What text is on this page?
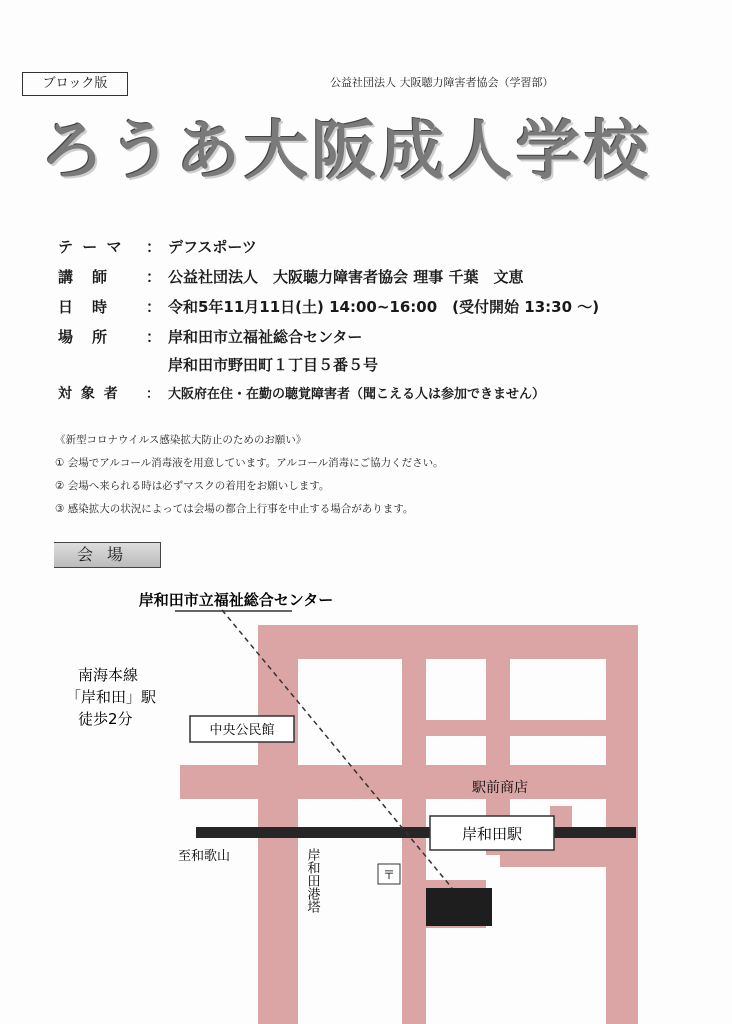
ブロック版	公益社団法人 大阪聴力障害者協会（学習部）
ろうあ大阪成人学校
テ ー マ ： デフスポーツ
講　師 ： 公益社団法人　大阪聴力障害者協会 理事 千葉　文恵
日　時 ： 令和5年11月11日(土) 14:00~16:00　(受付開始 13:30 ～)
場　所 ： 岸和田市立福祉総合センター
岸和田市野田町１丁目５番５号
対 象 者 ： 大阪府在住・在勤の聴覚障害者（聞こえる人は参加できません）
《新型コロナウイルス感染拡大防止のためのお願い》
① 会場でアルコール消毒液を用意しています。アルコール消毒にご協力ください。
② 会場へ来られる時は必ずマスクの着用をお願いします。
③ 感染拡大の状況によっては会場の都合上行事を中止する場合があります。
会場
岸和田市立福祉総合センター
南海本線
「岸和田」駅
徒歩2分
中央公民館
駅前商店
岸和田駅
至和歌山
〒
岸和田港塔
